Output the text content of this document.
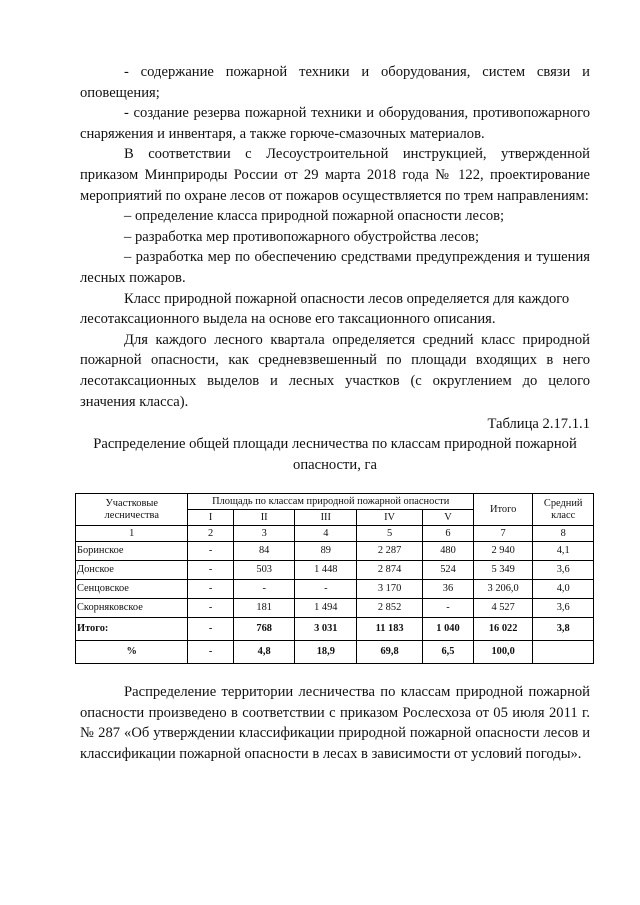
- содержание пожарной техники и оборудования, систем связи и оповещения;

- создание резерва пожарной техники и оборудования, противопожарного снаряжения и инвентаря, а также горюче-смазочных материалов.

В соответствии с Лесоустроительной инструкцией, утвержденной приказом Минприроды России от 29 марта 2018 года № 122, проектирование мероприятий по охране лесов от пожаров осуществляется по трем направлениям:

– определение класса природной пожарной опасности лесов;

– разработка мер противопожарного обустройства лесов;

– разработка мер по обеспечению средствами предупреждения и тушения лесных пожаров.

Класс природной пожарной опасности лесов определяется для каждого лесотаксационного выдела на основе его таксационного описания.

Для каждого лесного квартала определяется средний класс природной пожарной опасности, как средневзвешенный по площади входящих в него лесотаксационных выделов и лесных участков (с округлением до целого значения класса).

Таблица 2.17.1.1

Распределение общей площади лесничества по классам природной пожарной опасности, га

Участковые лесничества	Площадь по классам природной пожарной опасности					Итого	Средний класс
	I	II	III	IV	V		
1	2	3	4	5	6	7	8
Боринское	-	84	89	2 287	480	2 940	4,1
Донское	-	503	1 448	2 874	524	5 349	3,6
Сенцовское	-	-	-	3 170	36	3 206,0	4,0
Скорняковское	-	181	1 494	2 852	-	4 527	3,6
Итого:	-	768	3 031	11 183	1 040	16 022	3,8
%	-	4,8	18,9	69,8	6,5	100,0	

Распределение территории лесничества по классам природной пожарной опасности произведено в соответствии с приказом Рослесхоза от 05 июля 2011 г. № 287 «Об утверждении классификации природной пожарной опасности лесов и классификации пожарной опасности в лесах в зависимости от условий погоды».
